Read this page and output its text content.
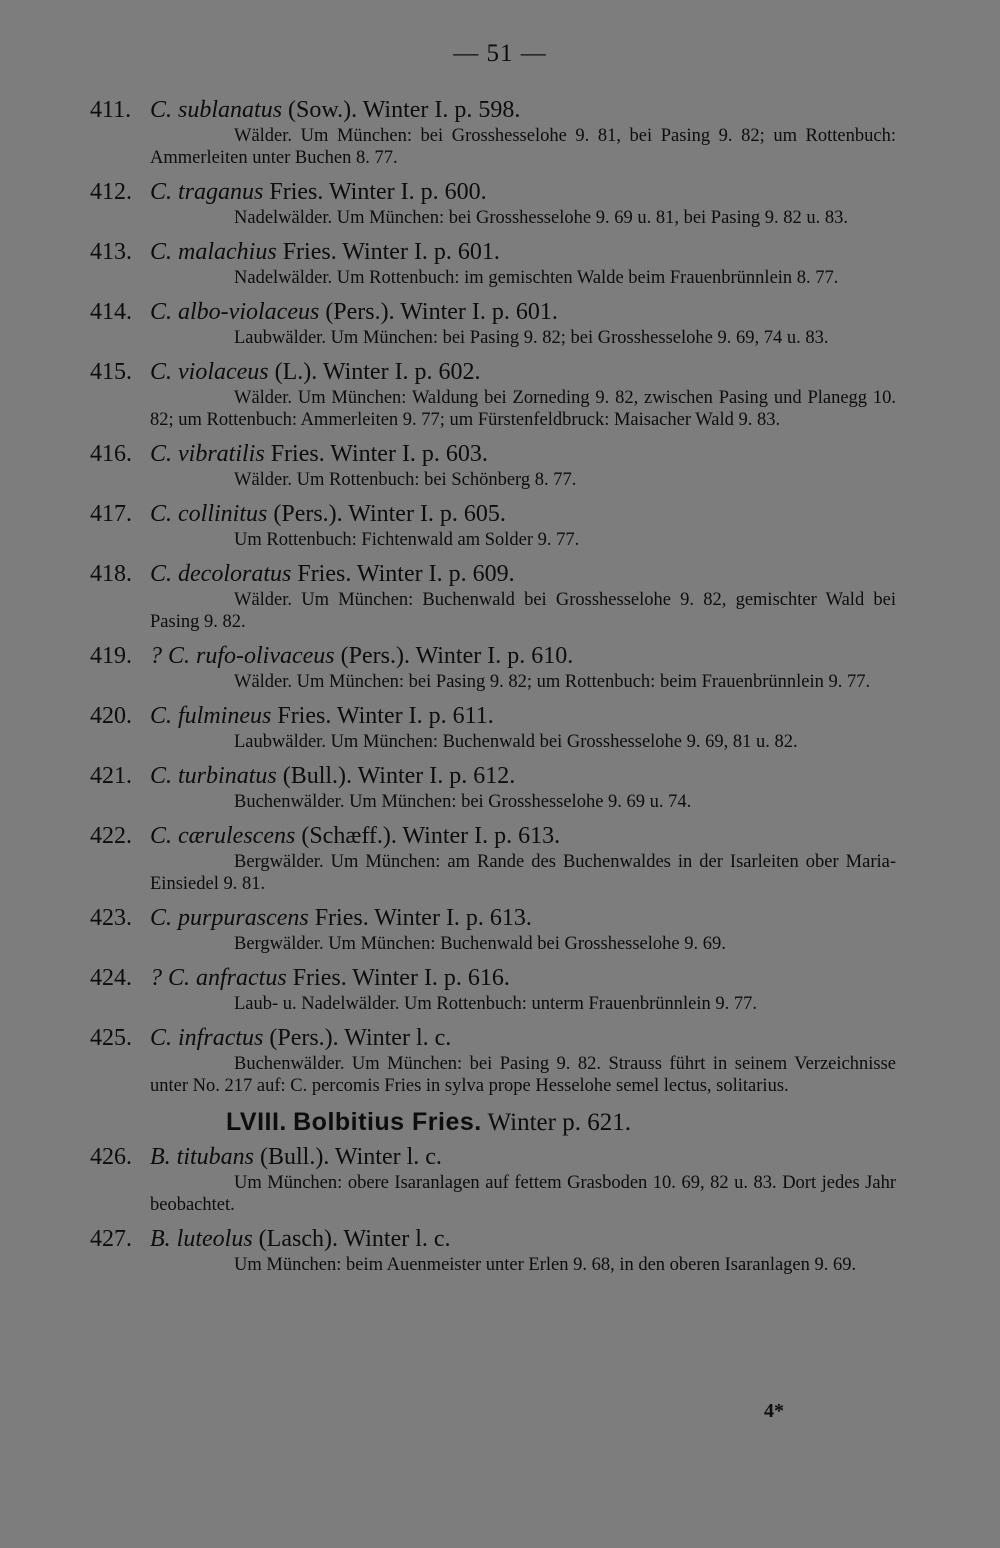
— 51 —
411. C. sublanatus (Sow.). Winter I. p. 598.
Wälder. Um München: bei Grosshesselohe 9. 81, bei Pasing 9. 82; um Rottenbuch: Ammerleiten unter Buchen 8. 77.
412. C. traganus Fries. Winter I. p. 600.
Nadelwälder. Um München: bei Grosshesselohe 9. 69 u. 81, bei Pasing 9. 82 u. 83.
413. C. malachius Fries. Winter I. p. 601.
Nadelwälder. Um Rottenbuch: im gemischten Walde beim Frauenbrünnlein 8. 77.
414. C. albo-violaceus (Pers.). Winter I. p. 601.
Laubwälder. Um München: bei Pasing 9. 82; bei Grosshesselohe 9. 69, 74 u. 83.
415. C. violaceus (L.). Winter I. p. 602.
Wälder. Um München: Waldung bei Zorneding 9. 82, zwischen Pasing und Planegg 10. 82; um Rottenbuch: Ammerleiten 9. 77; um Fürstenfeldbruck: Maisacher Wald 9. 83.
416. C. vibratilis Fries. Winter I. p. 603.
Wälder. Um Rottenbuch: bei Schönberg 8. 77.
417. C. collinitus (Pers.). Winter I. p. 605.
Um Rottenbuch: Fichtenwald am Solder 9. 77.
418. C. decoloratus Fries. Winter I. p. 609.
Wälder. Um München: Buchenwald bei Grosshesselohe 9. 82, gemischter Wald bei Pasing 9. 82.
419. ? C. rufo-olivaceus (Pers.). Winter I. p. 610.
Wälder. Um München: bei Pasing 9. 82; um Rottenbuch: beim Frauenbrünnlein 9. 77.
420. C. fulmineus Fries. Winter I. p. 611.
Laubwälder. Um München: Buchenwald bei Grosshesselohe 9. 69, 81 u. 82.
421. C. turbinatus (Bull.). Winter I. p. 612.
Buchenwälder. Um München: bei Grosshesselohe 9. 69 u. 74.
422. C. cærulescens (Schæff.). Winter I. p. 613.
Bergwälder. Um München: am Rande des Buchenwaldes in der Isarleiten ober Maria-Einsiedel 9. 81.
423. C. purpurascens Fries. Winter I. p. 613.
Bergwälder. Um München: Buchenwald bei Grosshesselohe 9. 69.
424. ? C. anfractus Fries. Winter I. p. 616.
Laub- u. Nadelwälder. Um Rottenbuch: unterm Frauenbrünnlein 9. 77.
425. C. infractus (Pers.). Winter l. c.
Buchenwälder. Um München: bei Pasing 9. 82. Strauss führt in seinem Verzeichnisse unter No. 217 auf: C. percomis Fries in sylva prope Hesselohe semel lectus, solitarius.
LVIII. Bolbitius Fries. Winter p. 621.
426. B. titubans (Bull.). Winter l. c.
Um München: obere Isaranlagen auf fettem Grasboden 10. 69, 82 u. 83. Dort jedes Jahr beobachtet.
427. B. luteolus (Lasch). Winter l. c.
Um München: beim Auenmeister unter Erlen 9. 68, in den oberen Isaranlagen 9. 69.
4*
